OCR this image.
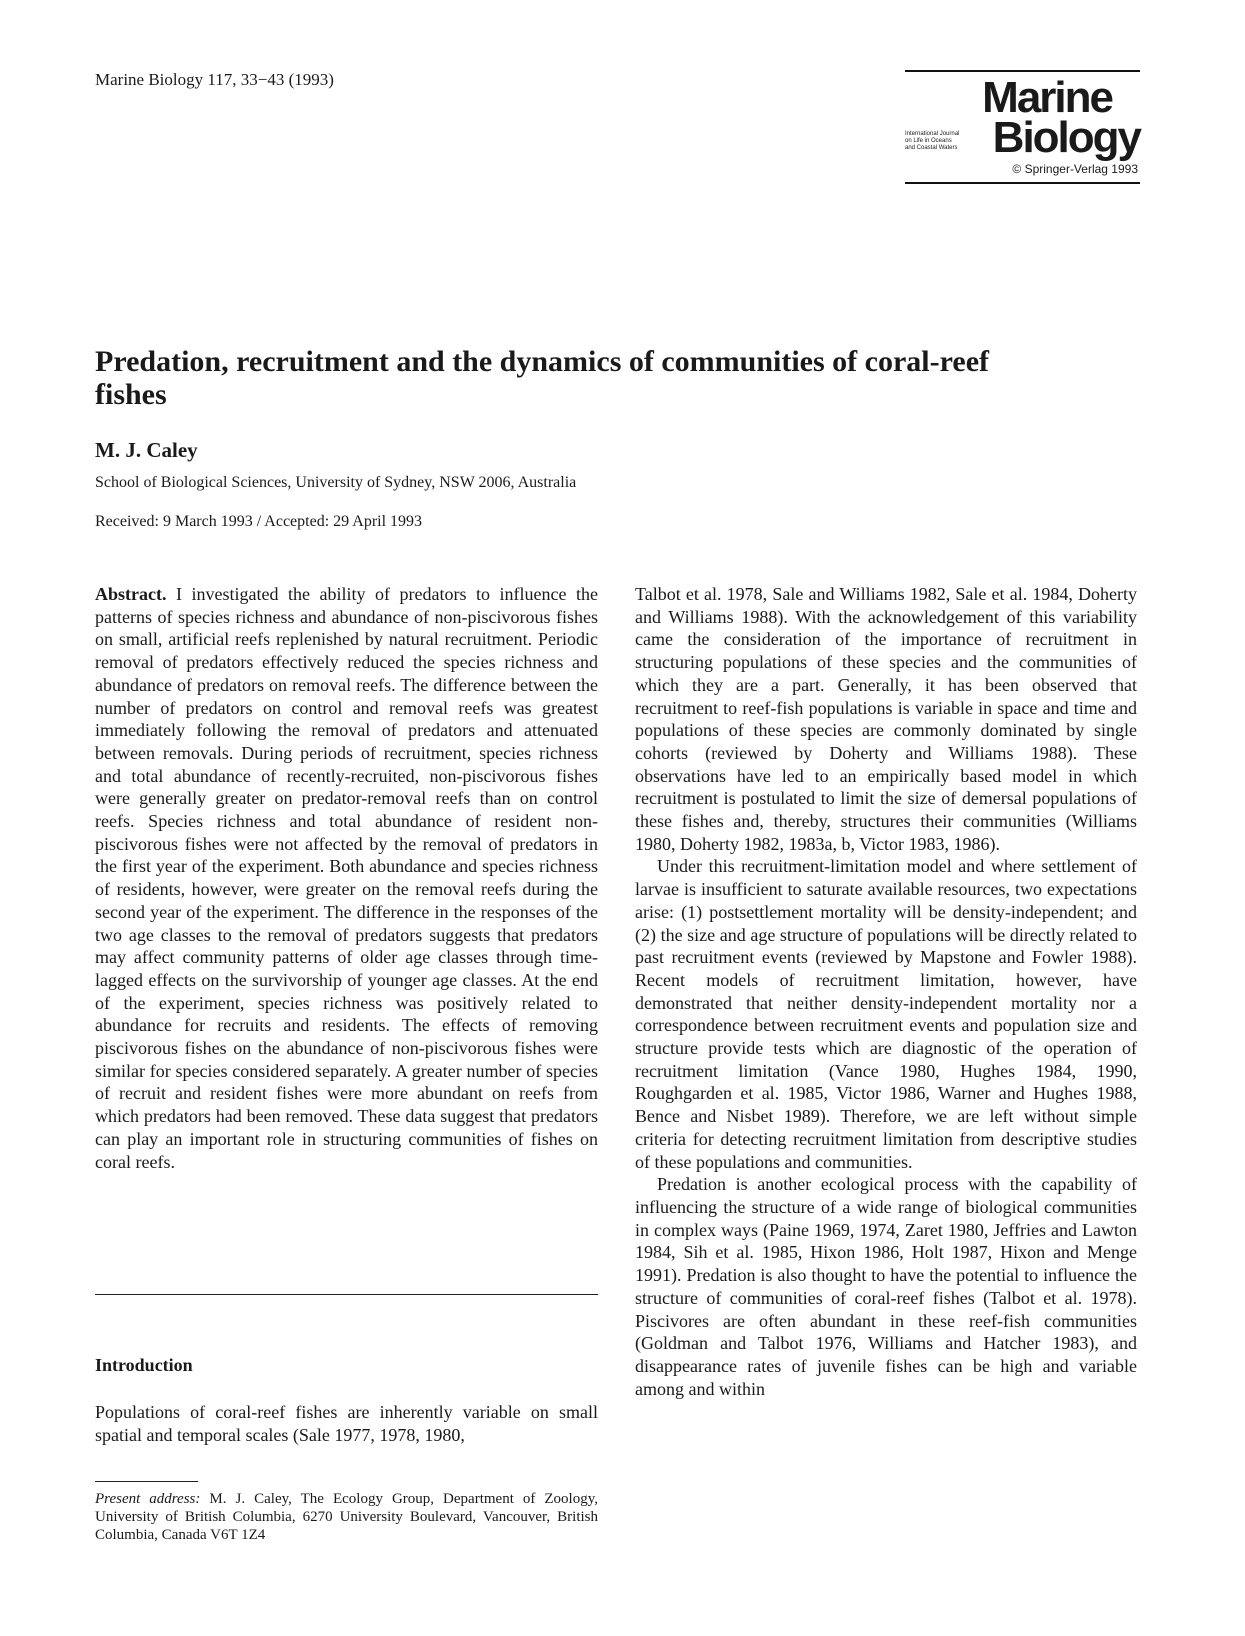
Marine Biology 117, 33−43 (1993)	Marine
International Journal
on Life in Oceans
and Coastal Waters Biology
© Springer-Verlag 1993
Predation, recruitment and the dynamics of communities of coral-reef fishes
M. J. Caley
School of Biological Sciences, University of Sydney, NSW 2006, Australia
Received: 9 March 1993 / Accepted: 29 April 1993

Abstract. I investigated the ability of predators to influence the patterns of species richness and abundance of non-piscivorous fishes on small, artificial reefs replenished by natural recruitment. Periodic removal of predators effectively reduced the species richness and abundance of predators on removal reefs. The difference between the number of predators on control and removal reefs was greatest immediately following the removal of predators and attenuated between removals. During periods of recruitment, species richness and total abundance of recently-recruited, non-piscivorous fishes were generally greater on predator-removal reefs than on control reefs. Species richness and total abundance of resident non-piscivorous fishes were not affected by the removal of predators in the first year of the experiment. Both abundance and species richness of residents, however, were greater on the removal reefs during the second year of the experiment. The difference in the responses of the two age classes to the removal of predators suggests that predators may affect community patterns of older age classes through time-lagged effects on the survivorship of younger age classes. At the end of the experiment, species richness was positively related to abundance for recruits and residents. The effects of removing piscivorous fishes on the abundance of non-piscivorous fishes were similar for species considered separately. A greater number of species of recruit and resident fishes were more abundant on reefs from which predators had been removed. These data suggest that predators can play an important role in structuring communities of fishes on coral reefs.

Introduction

Populations of coral-reef fishes are inherently variable on small spatial and temporal scales (Sale 1977, 1978, 1980,

Present address: M. J. Caley, The Ecology Group, Department of Zoology, University of British Columbia, 6270 University Boulevard, Vancouver, British Columbia, Canada V6T 1Z4

Talbot et al. 1978, Sale and Williams 1982, Sale et al. 1984, Doherty and Williams 1988). With the acknowledgement of this variability came the consideration of the importance of recruitment in structuring populations of these species and the communities of which they are a part. Generally, it has been observed that recruitment to reef-fish populations is variable in space and time and populations of these species are commonly dominated by single cohorts (reviewed by Doherty and Williams 1988). These observations have led to an empirically based model in which recruitment is postulated to limit the size of demersal populations of these fishes and, thereby, structures their communities (Williams 1980, Doherty 1982, 1983a, b, Victor 1983, 1986).

Under this recruitment-limitation model and where settlement of larvae is insufficient to saturate available resources, two expectations arise: (1) postsettlement mortality will be density-independent; and (2) the size and age structure of populations will be directly related to past recruitment events (reviewed by Mapstone and Fowler 1988). Recent models of recruitment limitation, however, have demonstrated that neither density-independent mortality nor a correspondence between recruitment events and population size and structure provide tests which are diagnostic of the operation of recruitment limitation (Vance 1980, Hughes 1984, 1990, Roughgarden et al. 1985, Victor 1986, Warner and Hughes 1988, Bence and Nisbet 1989). Therefore, we are left without simple criteria for detecting recruitment limitation from descriptive studies of these populations and communities.

Predation is another ecological process with the capability of influencing the structure of a wide range of biological communities in complex ways (Paine 1969, 1974, Zaret 1980, Jeffries and Lawton 1984, Sih et al. 1985, Hixon 1986, Holt 1987, Hixon and Menge 1991). Predation is also thought to have the potential to influence the structure of communities of coral-reef fishes (Talbot et al. 1978). Piscivores are often abundant in these reef-fish communities (Goldman and Talbot 1976, Williams and Hatcher 1983), and disappearance rates of juvenile fishes can be high and variable among and within
